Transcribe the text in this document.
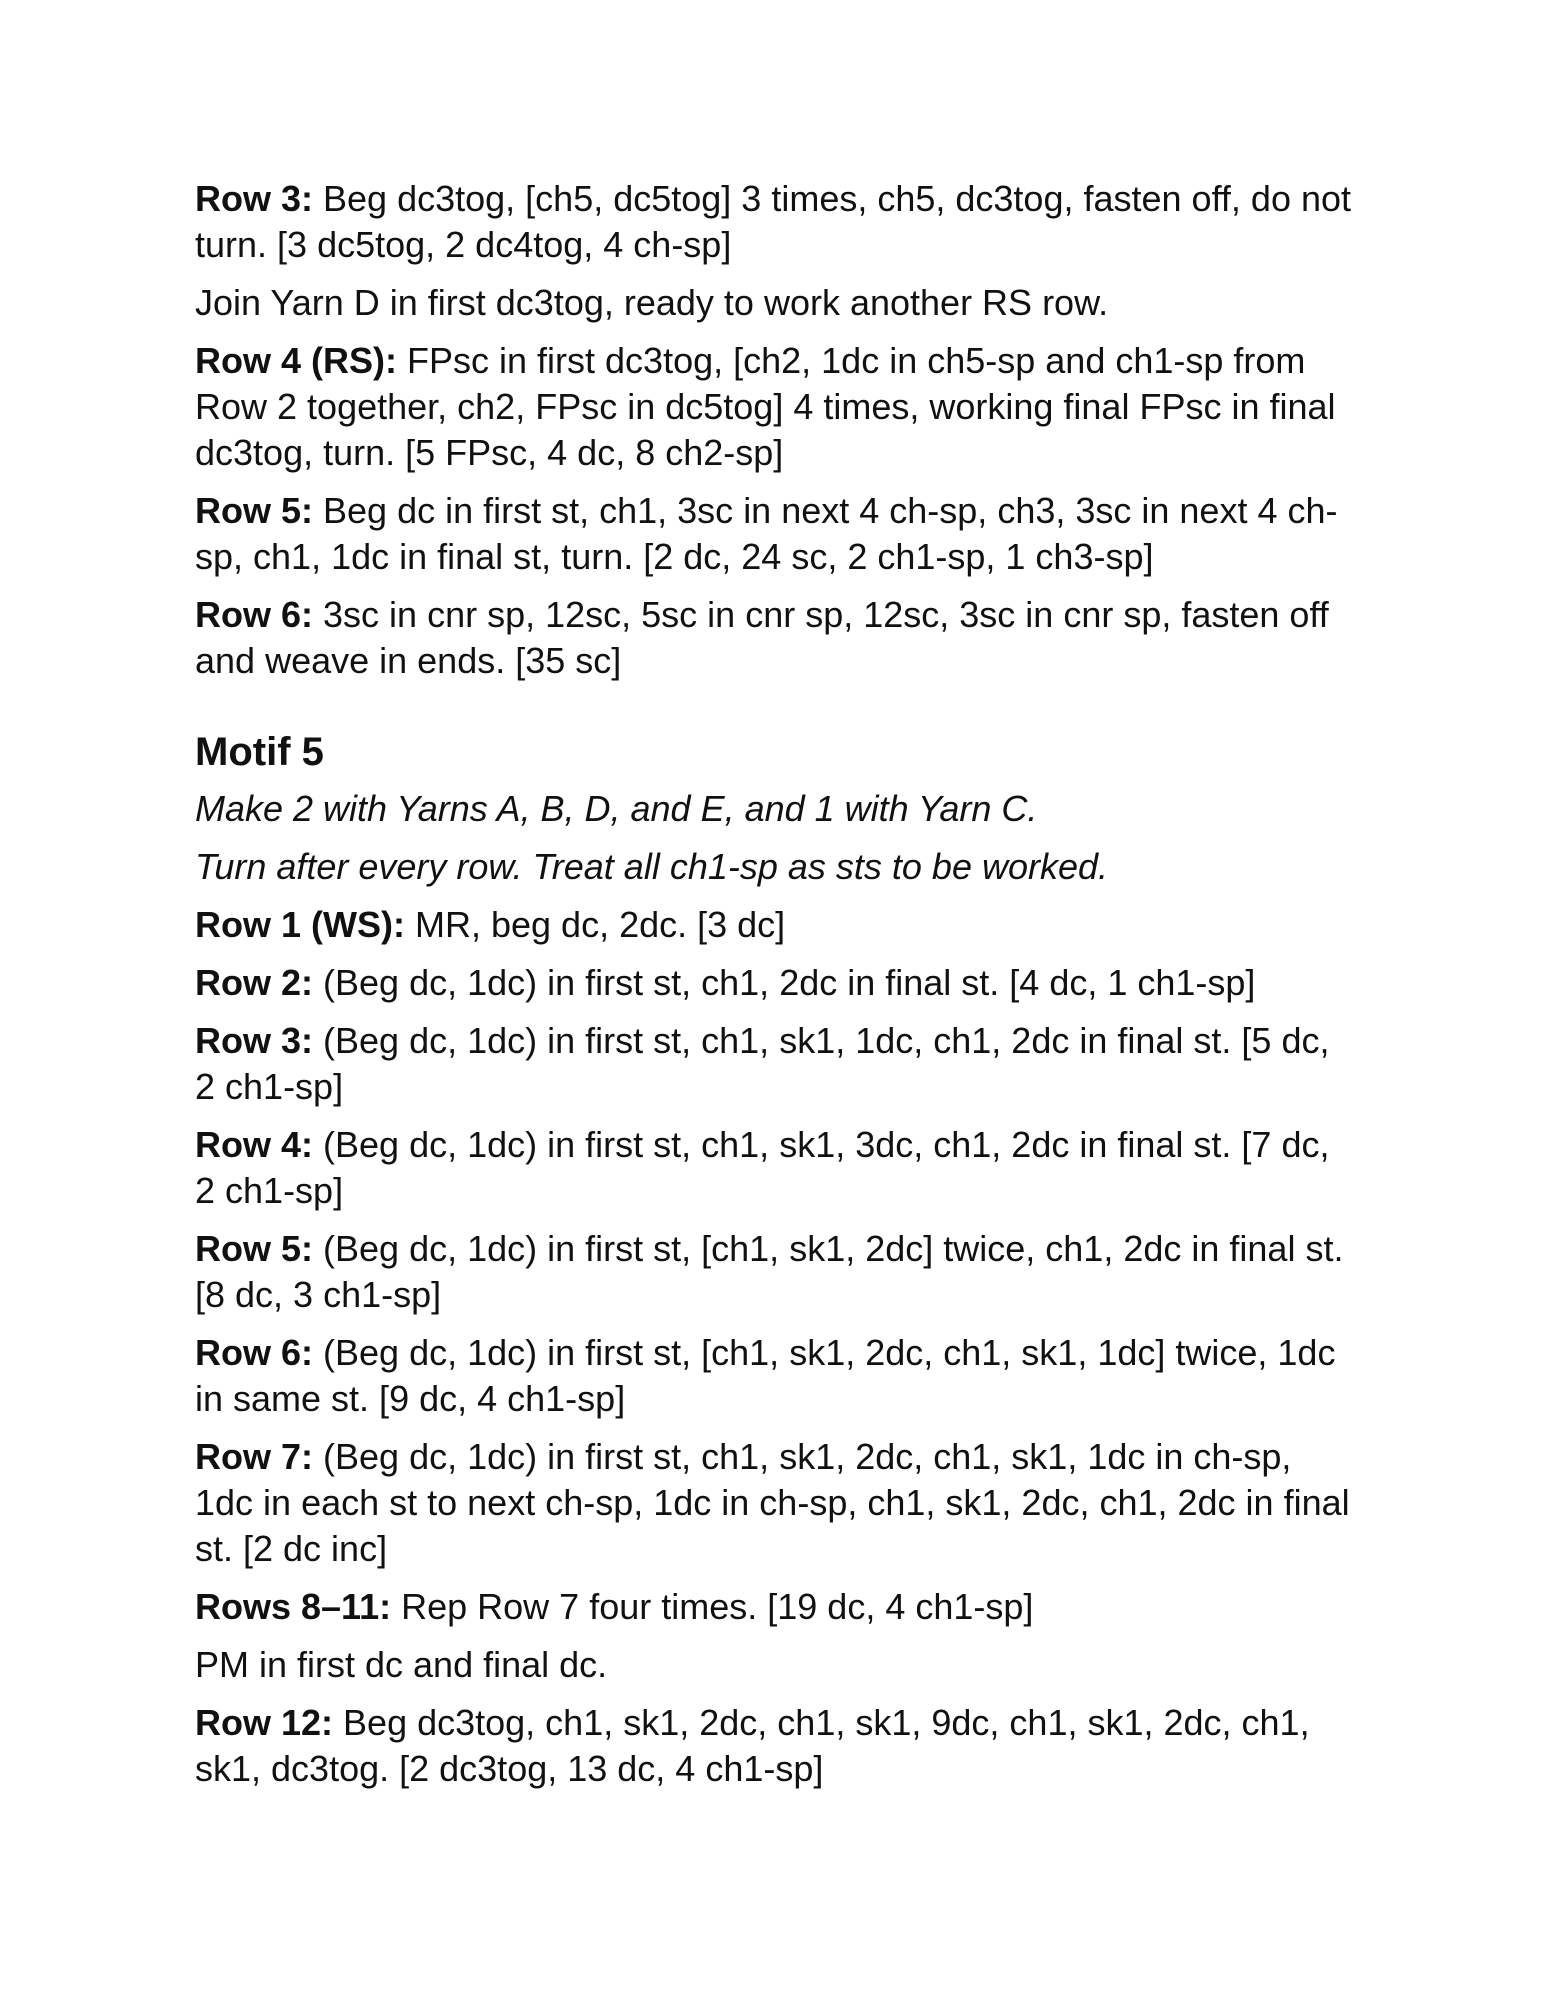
Row 3: Beg dc3tog, [ch5, dc5tog] 3 times, ch5, dc3tog, fasten off, do not turn. [3 dc5tog, 2 dc4tog, 4 ch-sp]

Join Yarn D in first dc3tog, ready to work another RS row.

Row 4 (RS): FPsc in first dc3tog, [ch2, 1dc in ch5-sp and ch1-sp from Row 2 together, ch2, FPsc in dc5tog] 4 times, working final FPsc in final dc3tog, turn. [5 FPsc, 4 dc, 8 ch2-sp]

Row 5: Beg dc in first st, ch1, 3sc in next 4 ch-sp, ch3, 3sc in next 4 ch-sp, ch1, 1dc in final st, turn. [2 dc, 24 sc, 2 ch1-sp, 1 ch3-sp]

Row 6: 3sc in cnr sp, 12sc, 5sc in cnr sp, 12sc, 3sc in cnr sp, fasten off and weave in ends. [35 sc]

Motif 5

Make 2 with Yarns A, B, D, and E, and 1 with Yarn C.

Turn after every row. Treat all ch1-sp as sts to be worked.

Row 1 (WS): MR, beg dc, 2dc. [3 dc]

Row 2: (Beg dc, 1dc) in first st, ch1, 2dc in final st. [4 dc, 1 ch1-sp]

Row 3: (Beg dc, 1dc) in first st, ch1, sk1, 1dc, ch1, 2dc in final st. [5 dc, 2 ch1-sp]

Row 4: (Beg dc, 1dc) in first st, ch1, sk1, 3dc, ch1, 2dc in final st. [7 dc, 2 ch1-sp]

Row 5: (Beg dc, 1dc) in first st, [ch1, sk1, 2dc] twice, ch1, 2dc in final st. [8 dc, 3 ch1-sp]

Row 6: (Beg dc, 1dc) in first st, [ch1, sk1, 2dc, ch1, sk1, 1dc] twice, 1dc in same st. [9 dc, 4 ch1-sp]

Row 7: (Beg dc, 1dc) in first st, ch1, sk1, 2dc, ch1, sk1, 1dc in ch-sp, 1dc in each st to next ch-sp, 1dc in ch-sp, ch1, sk1, 2dc, ch1, 2dc in final st. [2 dc inc]

Rows 8–11: Rep Row 7 four times. [19 dc, 4 ch1-sp]

PM in first dc and final dc.

Row 12: Beg dc3tog, ch1, sk1, 2dc, ch1, sk1, 9dc, ch1, sk1, 2dc, ch1, sk1, dc3tog. [2 dc3tog, 13 dc, 4 ch1-sp]
